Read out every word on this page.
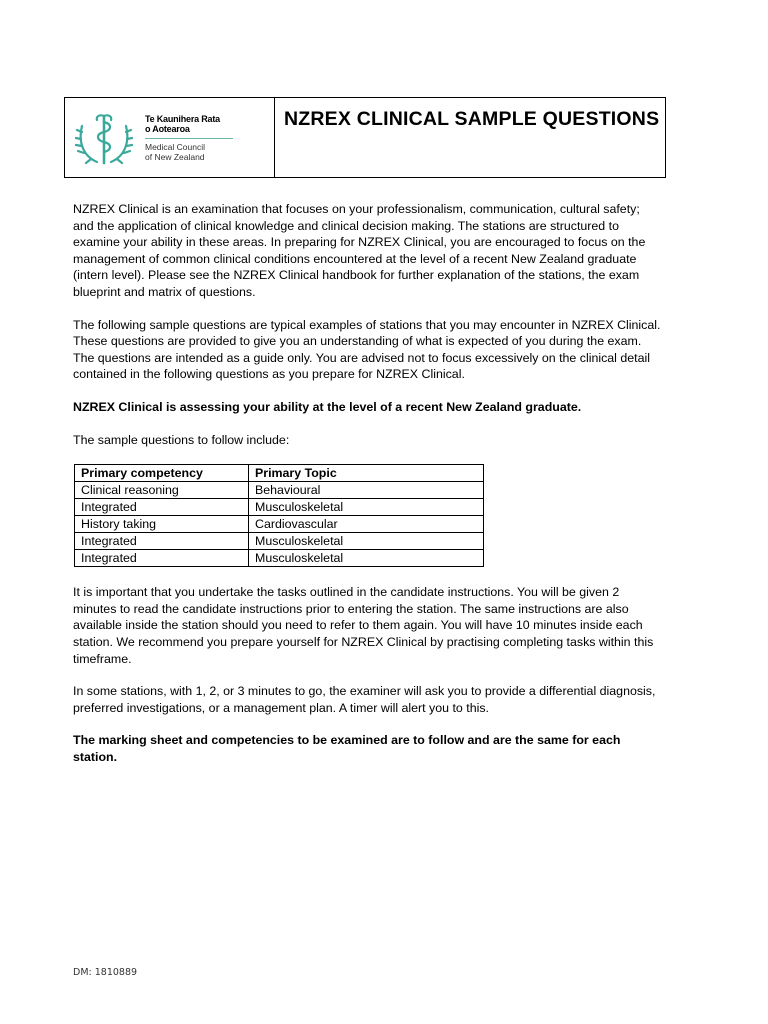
Te Kaunihera Rata
o Aotearoa
Medical Council
of New Zealand
NZREX CLINICAL SAMPLE QUESTIONS

NZREX Clinical is an examination that focuses on your professionalism, communication, cultural safety; and the application of clinical knowledge and clinical decision making. The stations are structured to examine your ability in these areas. In preparing for NZREX Clinical, you are encouraged to focus on the management of common clinical conditions encountered at the level of a recent New Zealand graduate (intern level). Please see the NZREX Clinical handbook for further explanation of the stations, the exam blueprint and matrix of questions.

The following sample questions are typical examples of stations that you may encounter in NZREX Clinical. These questions are provided to give you an understanding of what is expected of you during the exam. The questions are intended as a guide only. You are advised not to focus excessively on the clinical detail contained in the following questions as you prepare for NZREX Clinical.

NZREX Clinical is assessing your ability at the level of a recent New Zealand graduate.

The sample questions to follow include:

Primary competency	Primary Topic
Clinical reasoning	Behavioural
Integrated	Musculoskeletal
History taking	Cardiovascular
Integrated	Musculoskeletal
Integrated	Musculoskeletal

It is important that you undertake the tasks outlined in the candidate instructions. You will be given 2 minutes to read the candidate instructions prior to entering the station. The same instructions are also available inside the station should you need to refer to them again. You will have 10 minutes inside each station. We recommend you prepare yourself for NZREX Clinical by practising completing tasks within this timeframe.

In some stations, with 1, 2, or 3 minutes to go, the examiner will ask you to provide a differential diagnosis, preferred investigations, or a management plan. A timer will alert you to this.

The marking sheet and competencies to be examined are to follow and are the same for each station.

DM: 1810889
